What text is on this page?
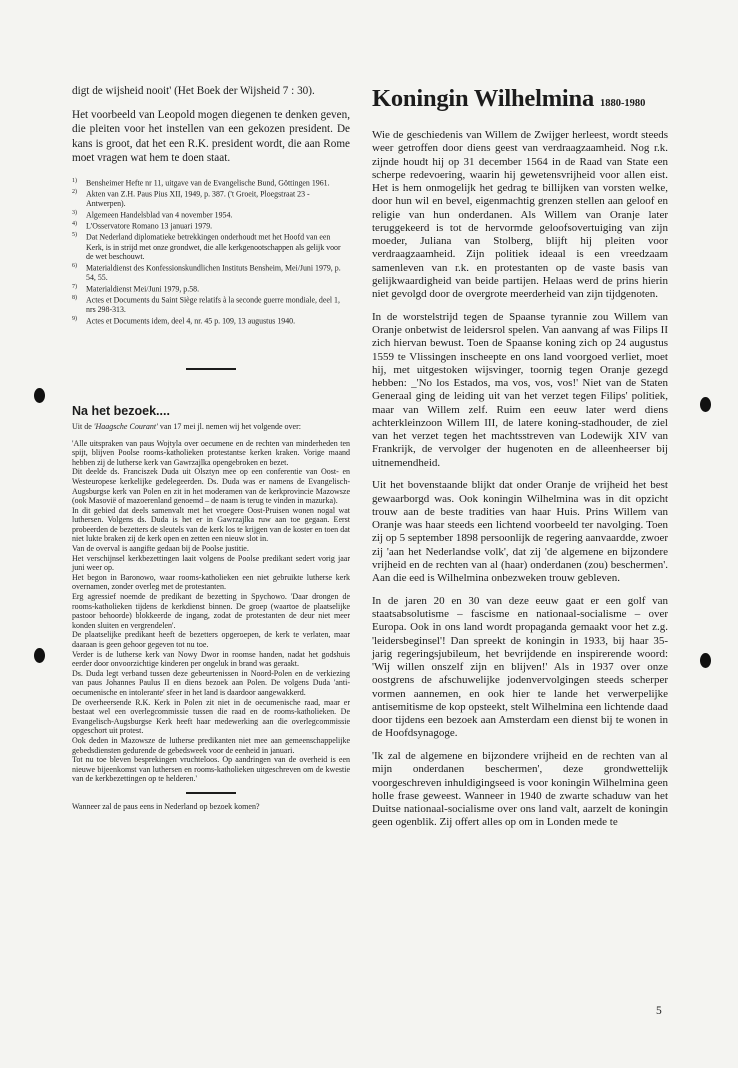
digt de wijsheid nooit' (Het Boek der Wijsheid 7 : 30).

Het voorbeeld van Leopold mogen diegenen te denken geven, die pleiten voor het instellen van een gekozen president. De kans is groot, dat het een R.K. president wordt, die aan Rome moet vragen wat hem te doen staat.

$^{1)}$ Bensheimer Hefte nr 11, uitgave van de Evangelische Bund, Göttingen 1961.
$^{2)}$ Akten van Z.H. Paus Pius XII, 1949, p. 387. ('t Groeit, Ploegstraat 23 - Antwerpen).
$^{3)}$ Algemeen Handelsblad van 4 november 1954.
$^{4)}$ L'Osservatore Romano 13 januari 1979.
$^{5)}$ Dat Nederland diplomatieke betrekkingen onderhoudt met het Hoofd van een Kerk, is in strijd met onze grondwet, die alle kerkgenootschappen als gelijk voor de wet beschouwt.
$^{6)}$ Materialdienst des Konfessionskundlichen Instituts Bensheim, Mei/Juni 1979, p. 54, 55.
$^{7)}$ Materialdienst Mei/Juni 1979, p.58.
$^{8)}$ Actes et Documents du Saint Siège relatifs à la seconde guerre mondiale, deel 1, nrs 298-313.
$^{9)}$ Actes et Documents idem, deel 4, nr. 45 p. 109, 13 augustus 1940.
Na het bezoek....

Uit de 'Haagsche Courant' van 17 mei jl. nemen wij het volgende over:

'Alle uitspraken van paus Wojtyla over oecumene en de rechten van minderheden ten spijt, blijven Poolse rooms-katholieken protestantse kerken kraken. Vorige maand hebben zij de lutherse kerk van Gawrzajlka opengebroken en bezet.

Dit deelde ds. Franciszek Duda uit Olsztyn mee op een conferentie van Oost- en Westeuropese kerkelijke gedelegeerden. Ds. Duda was er namens de Evangelisch-Augsburgse kerk van Polen en zit in het moderamen van de kerkprovincie Mazowsze (ook Masovië of mazoerenland genoemd – de naam is terug te vinden in mazurka).

In dit gebied dat deels samenvalt met het vroegere Oost-Pruisen wonen nogal wat luthersen. Volgens ds. Duda is het er in Gawrzajlka ruw aan toe gegaan. Eerst probeerden de bezetters de sleutels van de kerk los te krijgen van de koster en toen dat niet lukte braken zij de kerk open en zetten een nieuw slot in.

Van de overval is aangifte gedaan bij de Poolse justitie.

Het verschijnsel kerkbezettingen laait volgens de Poolse predikant sedert vorig jaar juni weer op.

Het begon in Baronowo, waar rooms-katholieken een niet gebruikte lutherse kerk overnamen, zonder overleg met de protestanten.

Erg agressief noemde de predikant de bezetting in Spychowo. 'Daar drongen de rooms-katholieken tijdens de kerkdienst binnen. De groep (waartoe de plaatselijke pastoor behoorde) blokkeerde de ingang, zodat de protestanten de deur niet meer konden sluiten en vergrendelen'.

De plaatselijke predikant heeft de bezetters opgeroepen, de kerk te verlaten, maar daaraan is geen gehoor gegeven tot nu toe.

Verder is de lutherse kerk van Nowy Dwor in roomse handen, nadat het godshuis eerder door onvoorzichtige kinderen per ongeluk in brand was geraakt.

Ds. Duda legt verband tussen deze gebeurtenissen in Noord-Polen en de verkiezing van paus Johannes Paulus II en diens bezoek aan Polen. De volgens Duda 'anti-oecumenische en intolerante' sfeer in het land is daardoor aangewakkerd.

De overheersende R.K. Kerk in Polen zit niet in de oecumenische raad, maar er bestaat wel een overlegcommissie tussen die raad en de rooms-katholieken. De Evangelisch-Augsburgse Kerk heeft haar medewerking aan die overlegcommissie opgeschort uit protest.

Ook deden in Mazowsze de lutherse predikanten niet mee aan gemeenschappelijke gebedsdiensten gedurende de gebedsweek voor de eenheid in januari.

Tot nu toe bleven besprekingen vruchteloos. Op aandringen van de overheid is een nieuwe bijeenkomst van luthersen en rooms-katholieken uitgeschreven om de kwestie van de kerkbezettingen op te helderen.'

Wanneer zal de paus eens in Nederland op bezoek komen?

Koningin Wilhelmina 1880-1980

Wie de geschiedenis van Willem de Zwijger herleest, wordt steeds weer getroffen door diens geest van verdraagzaamheid. Nog r.k. zijnde houdt hij op 31 december 1564 in de Raad van State een scherpe redevoering, waarin hij gewetensvrijheid voor allen eist. Het is hem onmogelijk het gedrag te billijken van vorsten welke, door hun wil en bevel, eigenmachtig grenzen stellen aan geloof en religie van hun onderdanen. Als Willem van Oranje later teruggekeerd is tot de hervormde geloofsovertuiging van zijn moeder, Juliana van Stolberg, blijft hij pleiten voor verdraagzaamheid. Zijn politiek ideaal is een vreedzaam samenleven van r.k. en protestanten op de vaste basis van gelijkwaardigheid van beide partijen. Helaas werd de prins hierin niet gevolgd door de overgrote meerderheid van zijn tijdgenoten.

In de worstelstrijd tegen de Spaanse tyrannie zou Willem van Oranje onbetwist de leidersrol spelen. Van aanvang af was Filips II zich hiervan bewust. Toen de Spaanse koning zich op 24 augustus 1559 te Vlissingen inscheepte en ons land voorgoed verliet, moet hij, met uitgestoken wijsvinger, toornig tegen Oranje gezegd hebben: _'No los Estados, ma vos, vos, vos!' Niet van de Staten Generaal ging de leiding uit van het verzet tegen Filips' politiek, maar van Willem zelf. Ruim een eeuw later werd diens achterkleinzoon Willem III, de latere koning-stadhouder, de ziel van het verzet tegen het machtsstreven van Lodewijk XIV van Frankrijk, de vervolger der hugenoten en de alleenheerser bij uitnemendheid.

Uit het bovenstaande blijkt dat onder Oranje de vrijheid het best gewaarborgd was. Ook koningin Wilhelmina was in dit opzicht trouw aan de beste tradities van haar Huis. Prins Willem van Oranje was haar steeds een lichtend voorbeeld ter navolging. Toen zij op 5 september 1898 persoonlijk de regering aanvaardde, zwoer zij 'aan het Nederlandse volk', dat zij 'de algemene en bijzondere vrijheid en de rechten van al (haar) onderdanen (zou) beschermen'. Aan die eed is Wilhelmina onbezweken trouw gebleven.

In de jaren 20 en 30 van deze eeuw gaat er een golf van staatsabsolutisme – fascisme en nationaal-socialisme – over Europa. Ook in ons land wordt propaganda gemaakt voor het z.g. 'leidersbeginsel'! Dan spreekt de koningin in 1933, bij haar 35-jarig regeringsjubileum, het bevrijdende en inspirerende woord: 'Wij willen onszelf zijn en blijven!' Als in 1937 over onze oostgrens de afschuwelijke jodenvervolgingen steeds scherper vormen aannemen, en ook hier te lande het verwerpelijke antisemitisme de kop opsteekt, stelt Wilhelmina een lichtende daad door tijdens een bezoek aan Amsterdam een dienst bij te wonen in de Hoofdsynagoge.

'Ik zal de algemene en bijzondere vrijheid en de rechten van al mijn onderdanen beschermen', deze grondwettelijk voorgeschreven inhuldigingseed is voor koningin Wilhelmina geen holle frase geweest. Wanneer in 1940 de zwarte schaduw van het Duitse nationaal-socialisme over ons land valt, aarzelt de koningin geen ogenblik. Zij offert alles op om in Londen mede te

5
